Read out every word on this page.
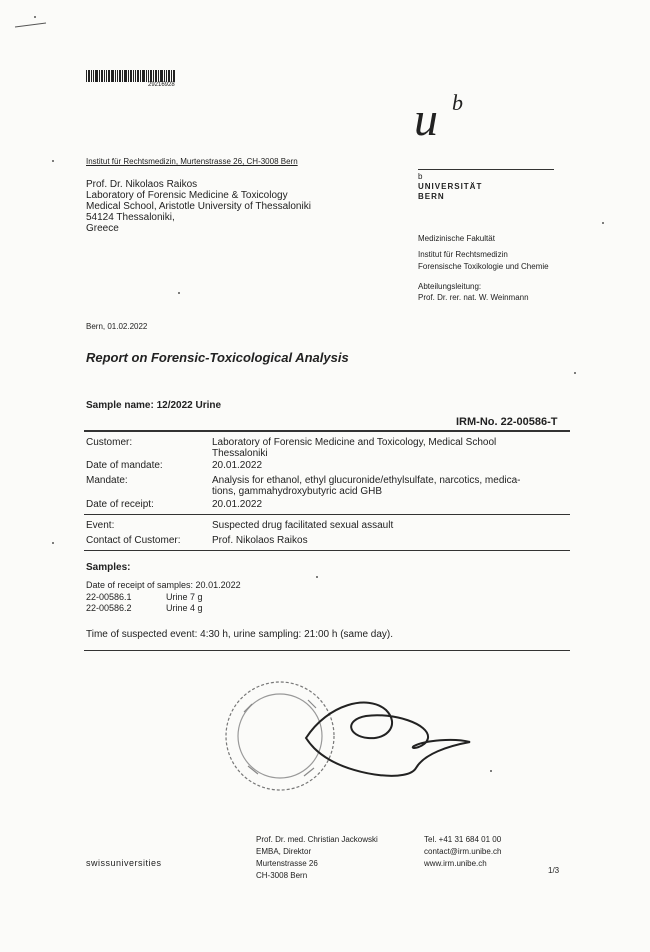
29216928
u b
b
UNIVERSITÄT
BERN
Medizinische Fakultät
Institut für Rechtsmedizin
Forensische Toxikologie und Chemie
Abteilungsleitung:
Prof. Dr. rer. nat. W. Weinmann
Institut für Rechtsmedizin, Murtenstrasse 26, CH-3008 Bern
Prof. Dr. Nikolaos Raikos
Laboratory of Forensic Medicine & Toxicology
Medical School, Aristotle University of Thessaloniki
54124 Thessaloniki,
Greece
Bern, 01.02.2022
Report on Forensic-Toxicological Analysis
Sample name: 12/2022 Urine
IRM-No. 22-00586-T
Customer:	Laboratory of Forensic Medicine and Toxicology, Medical School
Thessaloniki
Date of mandate:	20.01.2022
Mandate:	Analysis for ethanol, ethyl glucuronide/ethylsulfate, narcotics, medica-
tions, gammahydroxybutyric acid GHB
Date of receipt:	20.01.2022
Event:	Suspected drug facilitated sexual assault
Contact of Customer:	Prof. Nikolaos Raikos
Samples:
Date of receipt of samples: 20.01.2022
22-00586.1	Urine 7 g
22-00586.2	Urine 4 g
Time of suspected event: 4:30 h, urine sampling: 21:00 h (same day).
swissuniversities
Prof. Dr. med. Christian Jackowski
EMBA, Direktor
Murtenstrasse 26
CH-3008 Bern
Tel. +41 31 684 01 00
contact@irm.unibe.ch
www.irm.unibe.ch
1/3
